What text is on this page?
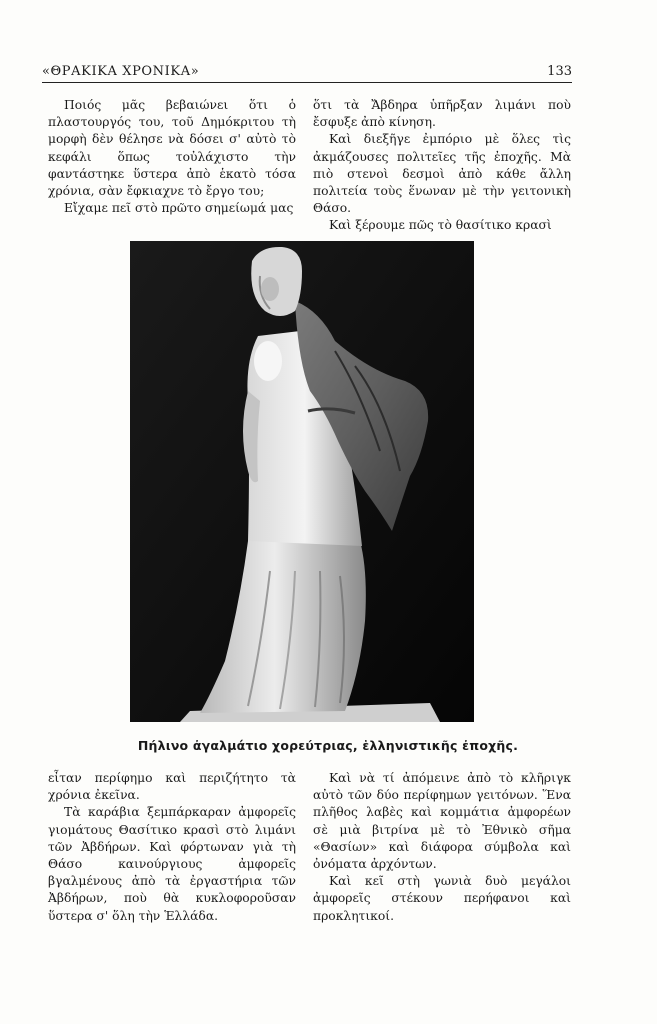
«ΘΡΑΚΙΚΑ ΧΡΟΝΙΚΑ»	133

Ποιός μᾶς βεβαιώνει ὅτι ὁ πλαστουργός του, τοῦ Δημόκριτου τὴ μορφὴ δὲν θέλησε νὰ δόσει σ' αὐτὸ τὸ κεφάλι ὅπως τοὐλάχιστο τὴν φαντάστηκε ὕστερα ἀπὸ ἑκατὸ τόσα χρόνια, σὰν ἔφκιαχνε τὸ ἔργο του;

Εἴχαμε πεῖ στὸ πρῶτο σημείωμά μας

ὅτι τὰ Ἄβδηρα ὑπῆρξαν λιμάνι ποὺ ἔσφυξε ἀπὸ κίνηση.

Καὶ διεξῆγε ἐμπόριο μὲ ὅλες τὶς ἀκμάζουσες πολιτεῖες τῆς ἐποχῆς. Μὰ πιὸ στενοὶ δεσμοὶ ἀπὸ κάθε ἄλλη πολιτεία τοὺς ἕνωναν μὲ τὴν γειτονικὴ Θάσο.

Καὶ ξέρουμε πῶς τὸ θασίτικο κρασὶ

Πήλινο ἀγαλμάτιο χορεύτριας, ἑλληνιστικῆς ἐποχῆς.

εἶταν περίφημο καὶ περιζήτητο τὰ χρόνια ἐκεῖνα.

Τὰ καράβια ξεμπάρκαραν ἀμφορεῖς γιομάτους Θασίτικο κρασὶ στὸ λιμάνι τῶν Ἀβδήρων. Καὶ φόρτωναν γιὰ τὴ Θάσο καινούργιους ἀμφορεῖς βγαλμένους ἀπὸ τὰ ἐργαστήρια τῶν Ἀβδήρων, ποὺ θὰ κυκλοφοροῦσαν ὕστερα σ' ὅλη τὴν Ἑλλάδα.

Καὶ νὰ τί ἀπόμεινε ἀπὸ τὸ κλῆριγκ αὐτὸ τῶν δύο περίφημων γειτόνων. Ἕνα πλῆθος λαβὲς καὶ κομμάτια ἀμφορέων σὲ μιὰ βιτρίνα μὲ τὸ Ἐθνικὸ σῆμα «Θασίων» καὶ διάφορα σύμβολα καὶ ὀνόματα ἀρχόντων.

Καὶ κεῖ στὴ γωνιὰ δυὸ μεγάλοι ἀμφορεῖς στέκουν περήφανοι καὶ προκλητικοί.
